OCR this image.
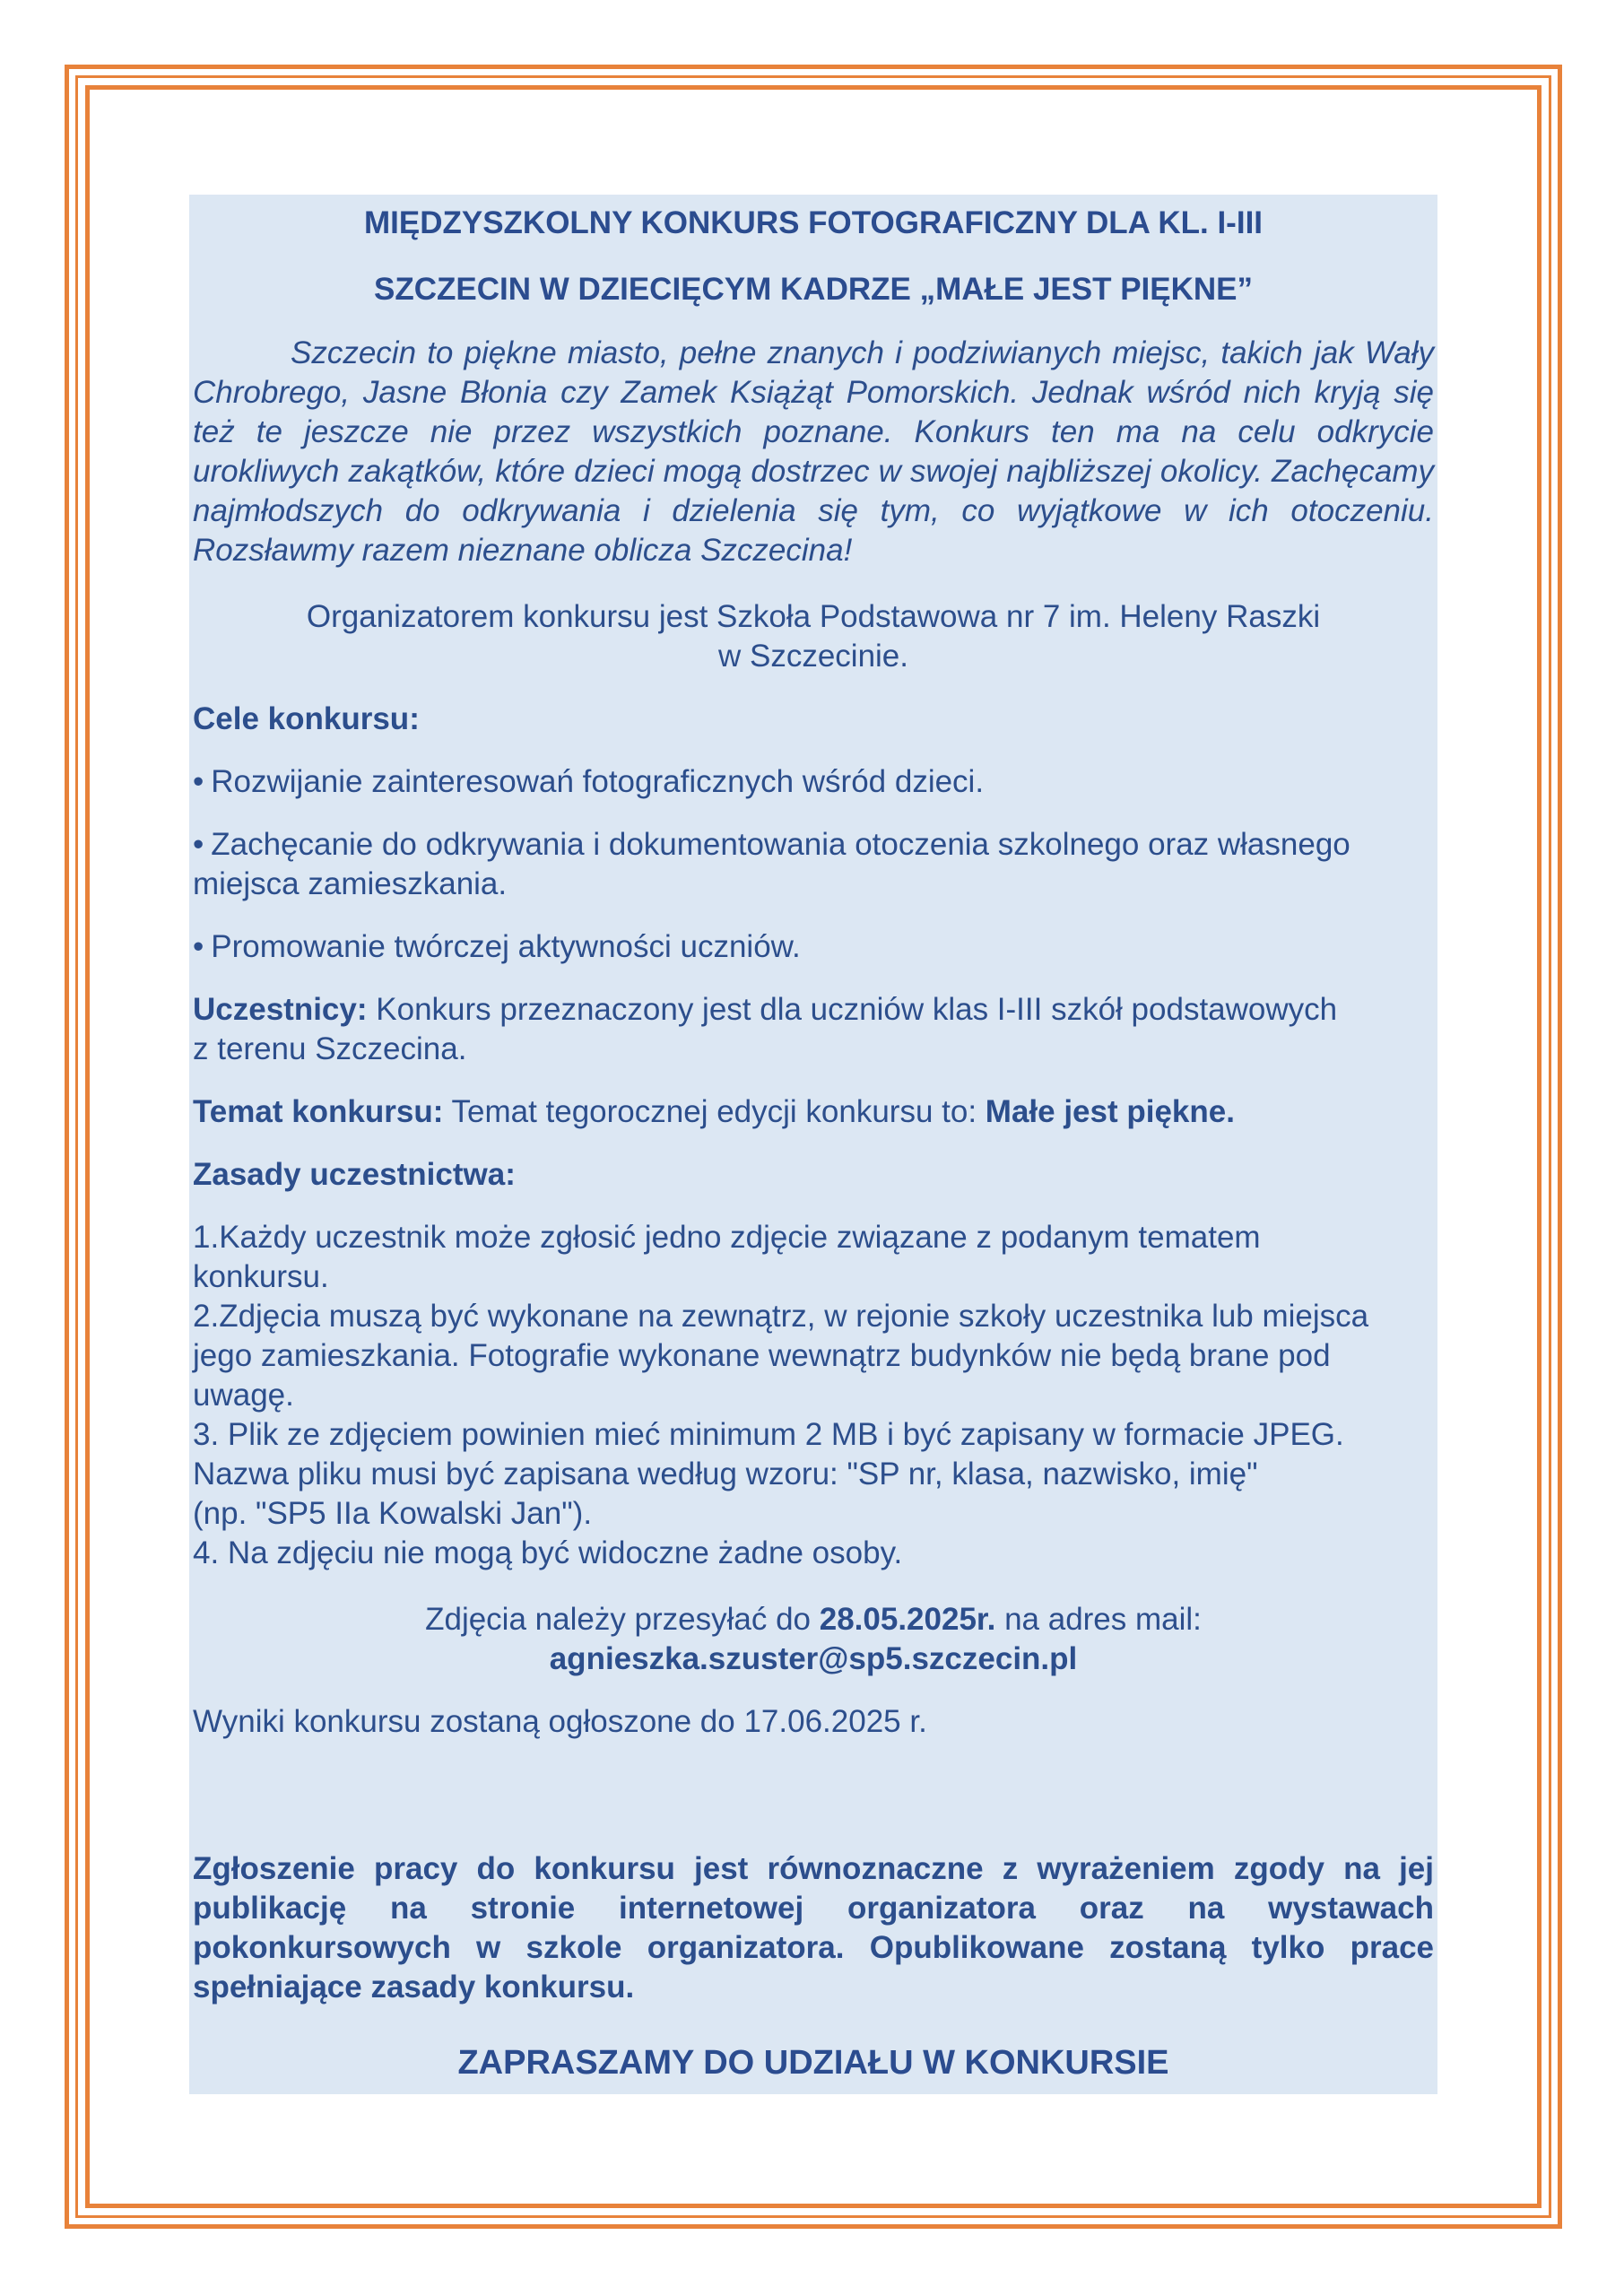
MIĘDZYSZKOLNY KONKURS FOTOGRAFICZNY DLA KL. I-III

SZCZECIN W DZIECIĘCYM KADRZE „MAŁE JEST PIĘKNE”

Szczecin to piękne miasto, pełne znanych i podziwianych miejsc, takich jak Wały Chrobrego, Jasne Błonia czy Zamek Książąt Pomorskich. Jednak wśród nich kryją się też te jeszcze nie przez wszystkich poznane. Konkurs ten ma na celu odkrycie urokliwych zakątków, które dzieci mogą dostrzec w swojej najbliższej okolicy. Zachęcamy najmłodszych do odkrywania i dzielenia się tym, co wyjątkowe w ich otoczeniu. Rozsławmy razem nieznane oblicza Szczecina!

Organizatorem konkursu jest Szkoła Podstawowa nr 7 im. Heleny Raszki

w Szczecinie.

Cele konkursu:

• Rozwijanie zainteresowań fotograficznych wśród dzieci.

• Zachęcanie do odkrywania i dokumentowania otoczenia szkolnego oraz własnego miejsca zamieszkania.

• Promowanie twórczej aktywności uczniów.

Uczestnicy: Konkurs przeznaczony jest dla uczniów klas I-III szkół podstawowych

z terenu Szczecina.

Temat konkursu: Temat tegorocznej edycji konkursu to: Małe jest piękne.

Zasady uczestnictwa:

1.Każdy uczestnik może zgłosić jedno zdjęcie związane z podanym tematem

konkursu.

2.Zdjęcia muszą być wykonane na zewnątrz, w rejonie szkoły uczestnika lub miejsca

jego zamieszkania. Fotografie wykonane wewnątrz budynków nie będą brane pod

uwagę.

3. Plik ze zdjęciem powinien mieć minimum 2 MB i być zapisany w formacie JPEG.

Nazwa pliku musi być zapisana według wzoru: "SP nr, klasa, nazwisko, imię"

(np. "SP5 IIa Kowalski Jan").

4. Na zdjęciu nie mogą być widoczne żadne osoby.

Zdjęcia należy przesyłać do 28.05.2025r. na adres mail:

agnieszka.szuster@sp5.szczecin.pl

Wyniki konkursu zostaną ogłoszone do 17.06.2025 r.

Zgłoszenie pracy do konkursu jest równoznaczne z wyrażeniem zgody na jej publikację na stronie internetowej organizatora oraz na wystawach pokonkursowych w szkole organizatora. Opublikowane zostaną tylko prace spełniające zasady konkursu.

ZAPRASZAMY DO UDZIAŁU W KONKURSIE
